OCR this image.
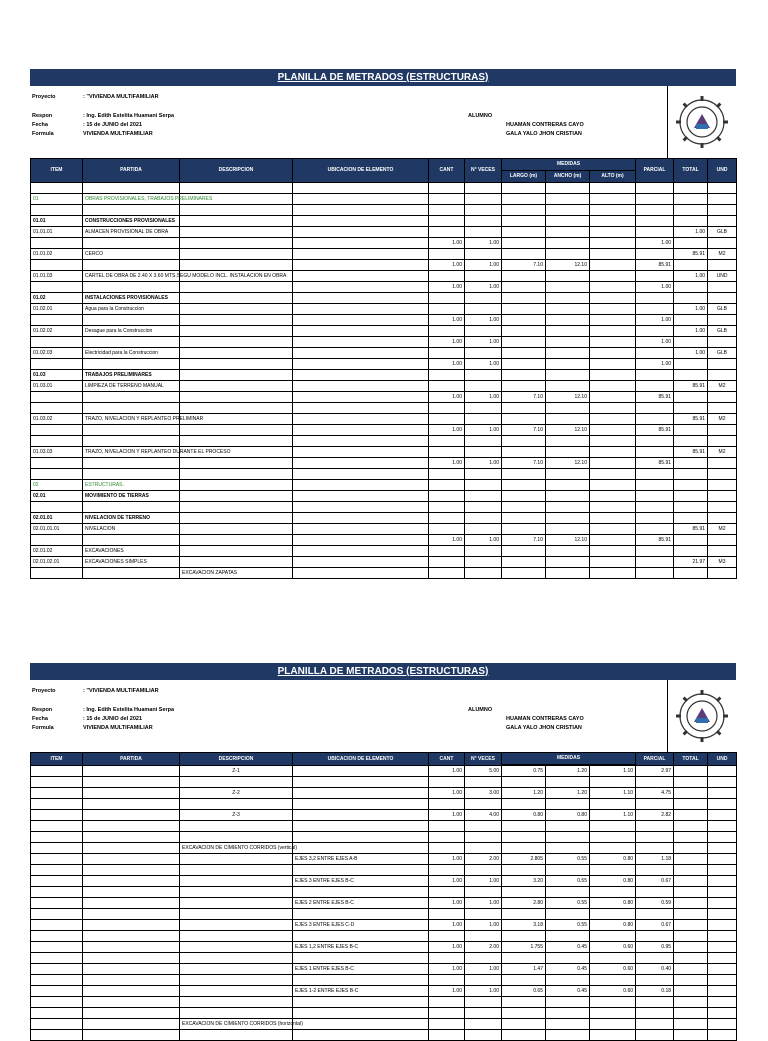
PLANILLA DE METRADOS (ESTRUCTURAS)
Proyecto	: "VIVIENDA MULTIFAMILIAR
Respon	: Ing. Edith Estelita Huamani Serpa
Fecha	: 15 de JUNIO del 2021
Formula	VIVIENDA MULTIFAMILIAR
ALUMNO
HUAMAN CONTRERAS CAYO
GALA YALO JHON CRISTIAN
ITEM	PARTIDA	DESCRIPCION	UBICACION DE ELEMENTO	CANT	N° VECES	MEDIDAS			PARCIAL	TOTAL	UND
						LARGO (m)	ANCHO (m)	ALTO (m)			

01	OBRAS PROVISIONALES, TRABAJOS PRELIMINARES										

01.01	CONSTRUCCIONES PROVISIONALES										
01.01.01	ALMACEN PROVISIONAL DE OBRA									1.00	GLB
				1.00	1.00				1.00		
01.01.02	CERCO									85.91	M2
				1.00	1.00	7.10	12.10		85.91		
01.01.03	CARTEL DE OBRA DE 2.40 X 3.60 MTS.SEGU MODELO INCL. INSTALACION EN OBRA									1.00	UND
				1.00	1.00				1.00		
01.02	INSTALACIONES PROVISIONALES										
01.02.01	Agua para la Construccion									1.00	GLB
				1.00	1.00				1.00		
01.02.02	Desague para la Construccion									1.00	GLB
				1.00	1.00				1.00		
01.02.03	Electricidad para la Construccion									1.00	GLB
				1.00	1.00				1.00		
01.03	TRABAJOS PRELIMINARES										
01.03.01	LIMPIEZA DE TERRENO MANUAL									85.91	M2
				1.00	1.00	7.10	12.10		85.91		

01.03.02	TRAZO, NIVELACION Y REPLANTEO PRELIMINAR									85.91	M2
				1.00	1.00	7.10	12.10		85.91		

01.03.03	TRAZO, NIVELACION Y REPLANTEO DURANTE EL PROCESO									85.91	M2
				1.00	1.00	7.10	12.10		85.91		

02	ESTRUCTURAS.										
02.01	MOVIMIENTO DE TIERRAS										

02.01.01	NIVELACION DE TERRENO										
02.01.01.01	NIVELACION									85.91	M2
				1.00	1.00	7.10	12.10		85.91		
02.01.02	EXCAVACIONES										
02.01.02.01	EXCAVACIONES SIMPLES									21.97	M3
		EXCAVACION ZAPATAS									
PLANILLA DE METRADOS (ESTRUCTURAS)
Proyecto	: "VIVIENDA MULTIFAMILIAR
Respon	: Ing. Edith Estelita Huamani Serpa
Fecha	: 15 de JUNIO del 2021
Formula	VIVIENDA MULTIFAMILIAR
ALUMNO
HUAMAN CONTRERAS CAYO
GALA YALO JHON CRISTIAN
ITEM	PARTIDA	DESCRIPCION	UBICACION DE ELEMENTO	CANT	N° VECES	MEDIDAS			PARCIAL	TOTAL	UND

		Z-1		1.00	5.00	0.75	1.20	1.10	2.97		

		Z-2		1.00	3.00	1.20	1.20	1.10	4.75		

		Z-3		1.00	4.00	0.80	0.80	1.10	2.82		

		EXCAVACION DE CIMIENTO CORRIDOS (vertical)									
			EJES 3,2 ENTRE EJES A-B	1.00	2.00	2.805	0.55	0.80	1.18		

			EJES 3 ENTRE EJES B-C	1.00	1.00	3.20	0.55	0.80	0.67		

			EJES 2 ENTRE EJES B-C	1.00	1.00	2.80	0.55	0.80	0.59		

			EJES 3 ENTRE EJES C-D	1.00	1.00	3.18	0.55	0.80	0.67		

			EJES 1,2 ENTRE EJES B-C	1.00	2.00	1.755	0.45	0.60	0.95		

			EJES 1 ENTRE EJES B-C	1.00	1.00	1.47	0.45	0.60	0.40		

			EJES 1-2 ENTRE EJES B-C	1.00	1.00	0.65	0.45	0.60	0.18		

		EXCAVACION DE CIMIENTO CORRIDOS (horizontal)									
